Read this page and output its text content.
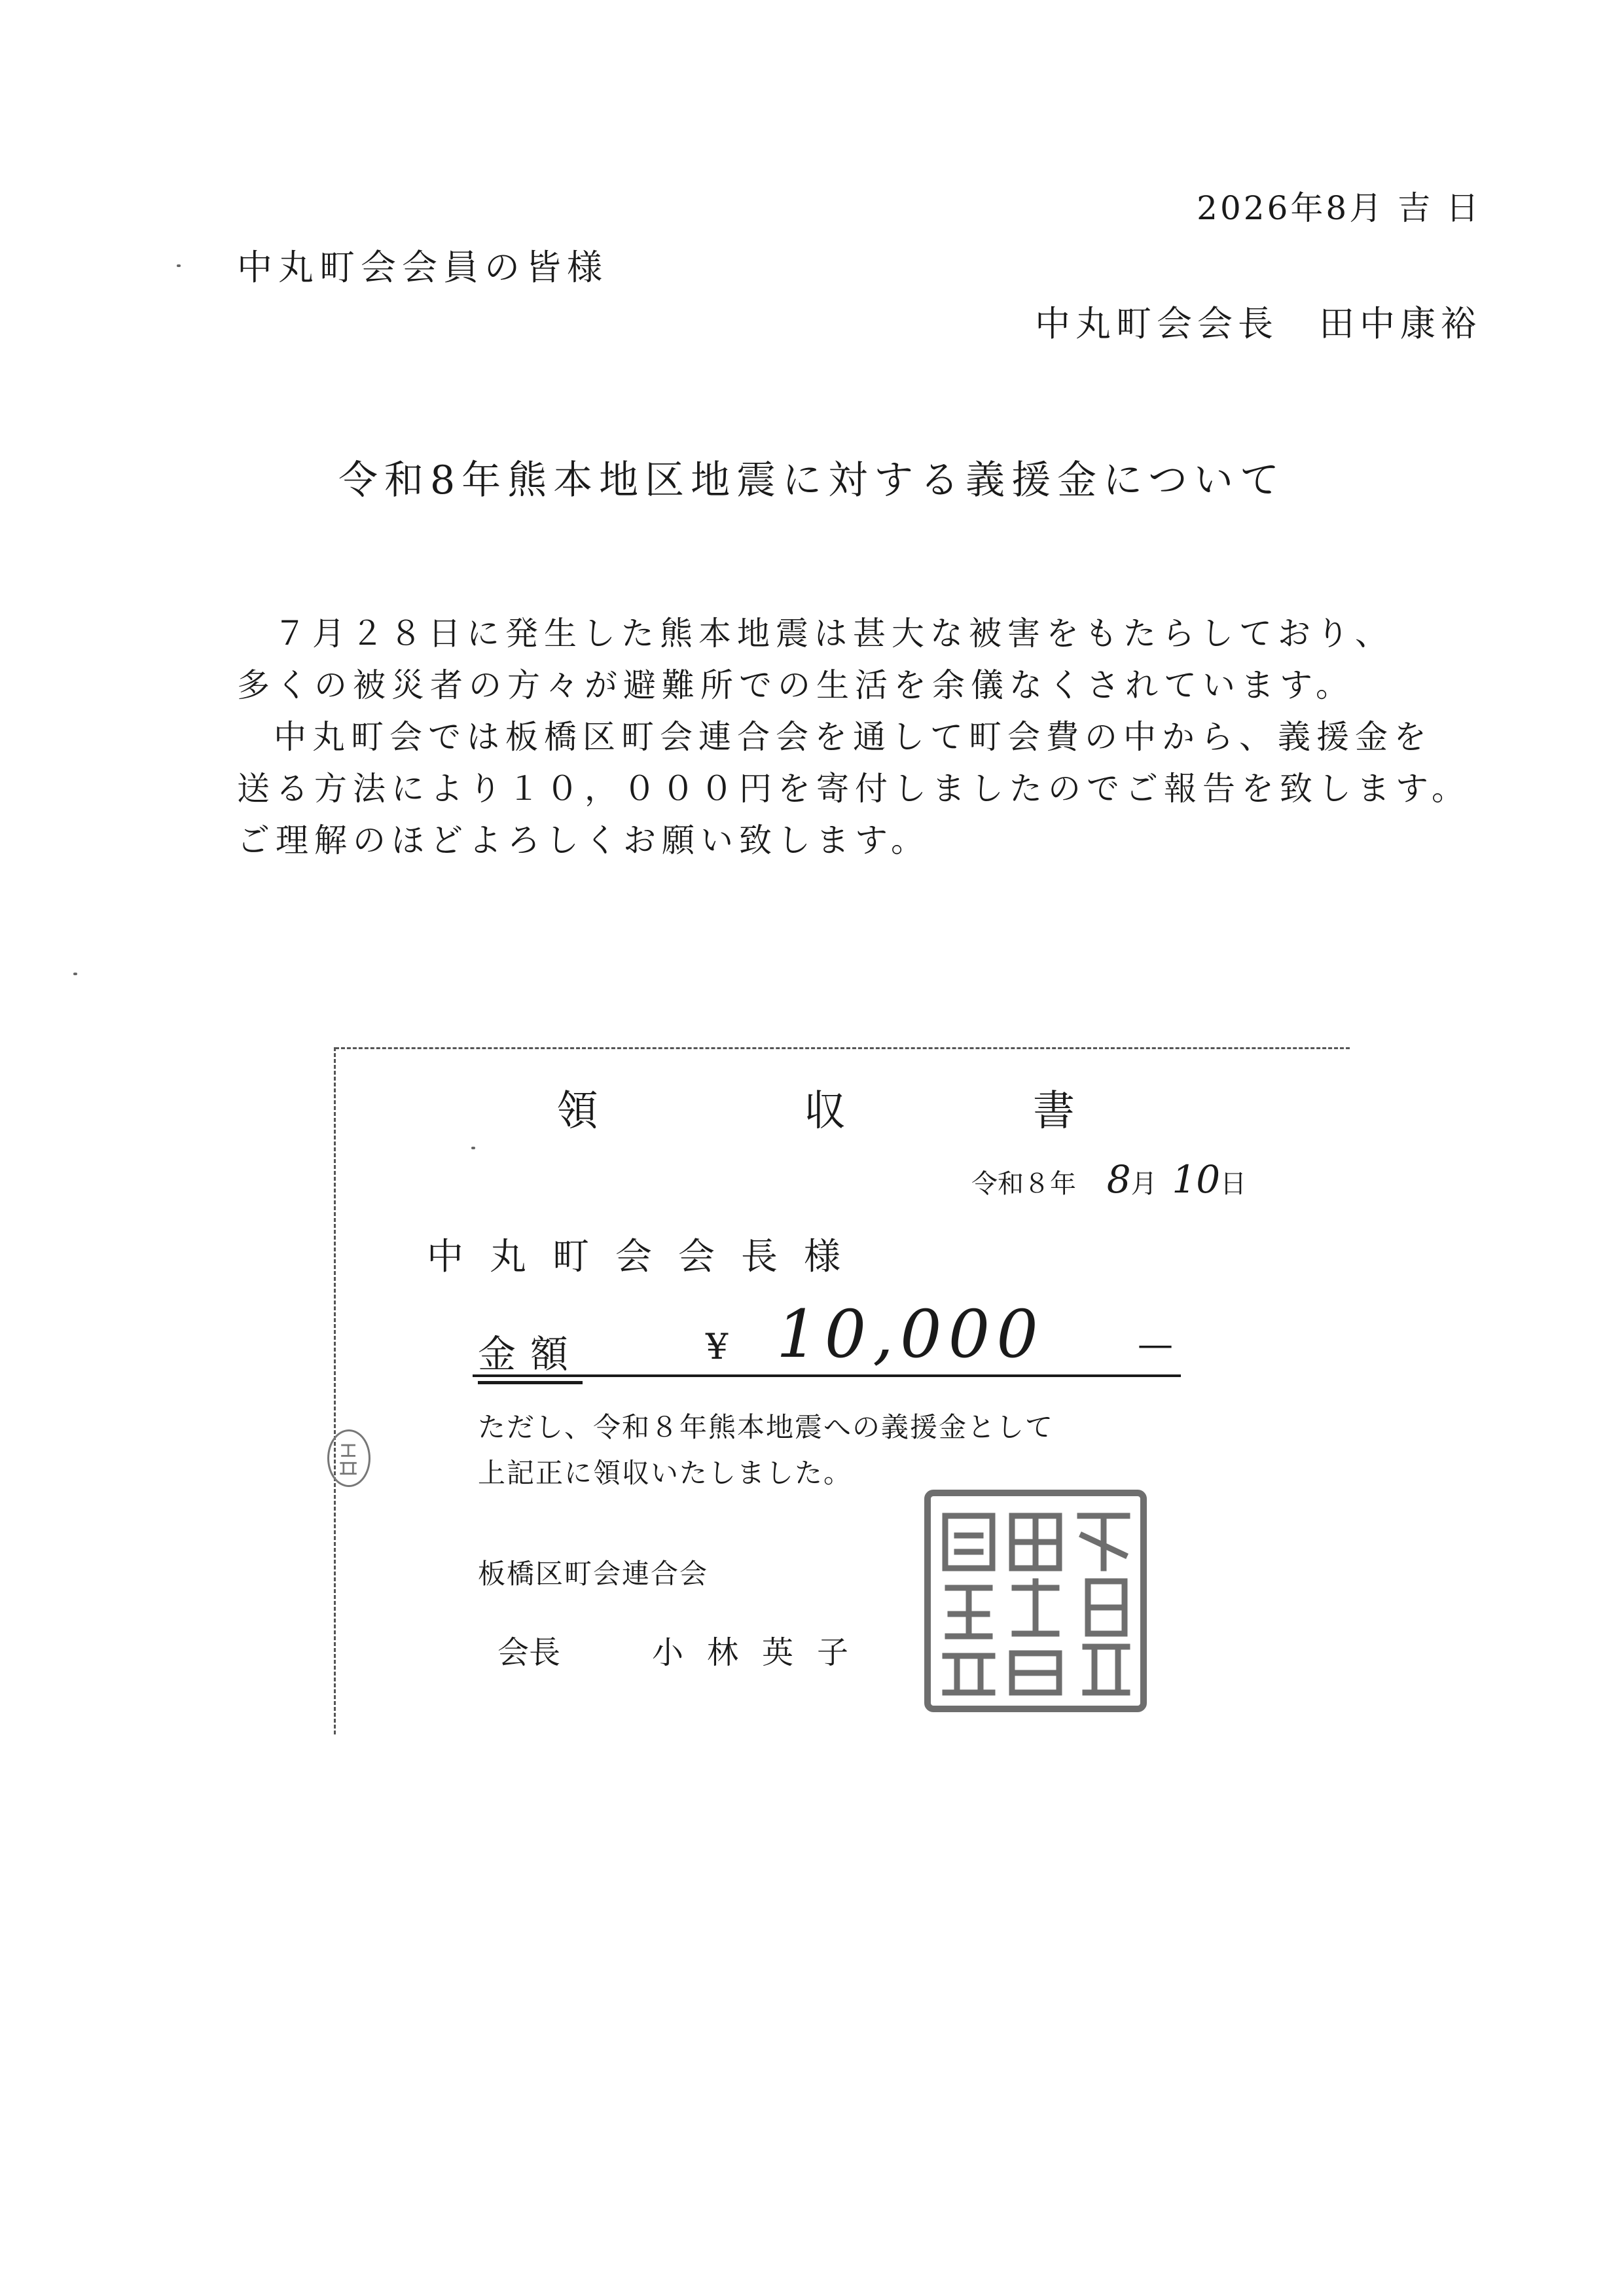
2026年8月 吉 日
中丸町会会員の皆様
中丸町会会長　田中康裕
令和8年熊本地区地震に対する義援金について
７月２８日に発生した熊本地震は甚大な被害をもたらしており、
多くの被災者の方々が避難所での生活を余儀なくされています。
中丸町会では板橋区町会連合会を通して町会費の中から、義援金を
送る方法により１０，０００円を寄付しましたのでご報告を致します。
ご理解のほどよろしくお願い致します。
領	収	書
令和８年 8月 10日
中丸町会会長様
金額	¥ 10,000	—
ただし、令和８年熊本地震への義援金として
上記正に領収いたしました。
板橋区町会連合会
会長	小林英子
